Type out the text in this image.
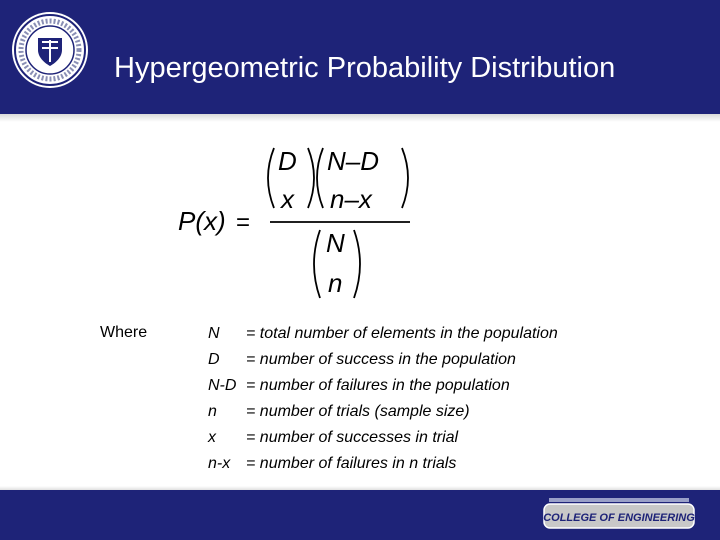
Hypergeometric Probability Distribution
P(x) =
D
x
N–D
n–x
N
n
Where	N = total number of elements in the population
D = number of success in the population
N-D = number of failures in the population
n = number of trials (sample size)
x = number of successes in trial
n-x = number of failures in n trials
COLLEGE OF ENGINEERING
